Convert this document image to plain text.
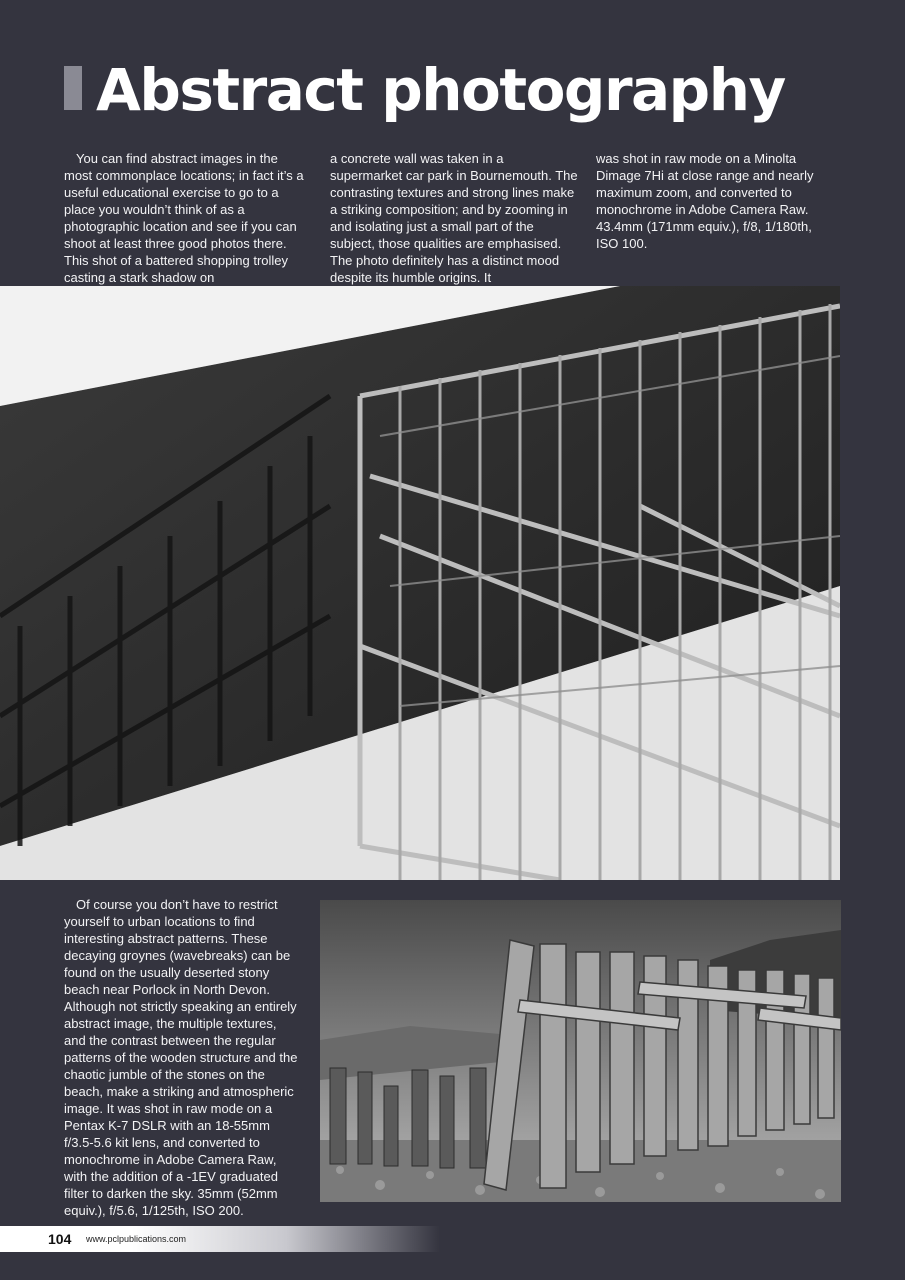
Abstract photography

You can find abstract images in the most commonplace locations; in fact it’s a useful educational exercise to go to a place you wouldn’t think of as a photographic location and see if you can shoot at least three good photos there. This shot of a battered shopping trolley casting a stark shadow on

a concrete wall was taken in a supermarket car park in Bournemouth. The contrasting textures and strong lines make a striking composition; and by zooming in and isolating just a small part of the subject, those qualities are emphasised. The photo definitely has a distinct mood despite its humble origins. It

was shot in raw mode on a Minolta Dimage 7Hi at close range and nearly maximum zoom, and converted to monochrome in Adobe Camera Raw. 43.4mm (171mm equiv.), f/8, 1/180th, ISO 100.

Of course you don’t have to restrict yourself to urban locations to find interesting abstract patterns. These decaying groynes (wavebreaks) can be found on the usually deserted stony beach near Porlock in North Devon. Although not strictly speaking an entirely abstract image, the multiple textures, and the contrast between the regular patterns of the wooden structure and the chaotic jumble of the stones on the beach, make a striking and atmospheric image. It was shot in raw mode on a Pentax K-7 DSLR with an 18-55mm f/3.5-5.6 kit lens, and converted to monochrome in Adobe Camera Raw, with the addition of a -1EV graduated filter to darken the sky. 35mm (52mm equiv.), f/5.6, 1/125th, ISO 200.

104 www.pclpublications.com
